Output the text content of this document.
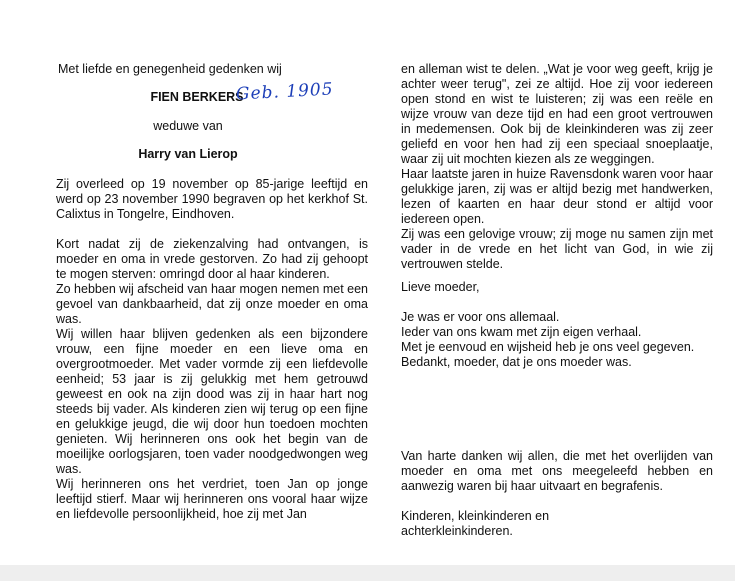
Met liefde en genegenheid gedenken wij

FIEN BERKERS
Geb. 1905

weduwe van

Harry van Lierop

Zij overleed op 19 november op 85-jarige leeftijd en werd op 23 november 1990 begraven op het kerkhof St. Calixtus in Tongelre, Eindhoven.

Kort nadat zij de ziekenzalving had ontvangen, is moeder en oma in vrede gestorven. Zo had zij gehoopt te mogen sterven: omringd door al haar kinderen.

Zo hebben wij afscheid van haar mogen nemen met een gevoel van dankbaarheid, dat zij onze moeder en oma was.

Wij willen haar blijven gedenken als een bijzondere vrouw, een fijne moeder en een lieve oma en overgrootmoeder. Met vader vormde zij een liefdevolle eenheid; 53 jaar is zij gelukkig met hem getrouwd geweest en ook na zijn dood was zij in haar hart nog steeds bij vader. Als kinderen zien wij terug op een fijne en gelukkige jeugd, die wij door hun toedoen mochten genieten. Wij herinneren ons ook het begin van de moeilijke oorlogsjaren, toen vader noodgedwongen weg was.

Wij herinneren ons het verdriet, toen Jan op jonge leeftijd stierf. Maar wij herinneren ons vooral haar wijze en liefdevolle persoonlijkheid, hoe zij met Jan

en alleman wist te delen. „Wat je voor weg geeft, krijg je achter weer terug", zei ze altijd. Hoe zij voor iedereen open stond en wist te luisteren; zij was een reële en wijze vrouw van deze tijd en had een groot vertrouwen in medemensen. Ook bij de kleinkinderen was zij zeer geliefd en voor hen had zij een speciaal snoeplaatje, waar zij uit mochten kiezen als ze weggingen.

Haar laatste jaren in huize Ravensdonk waren voor haar gelukkige jaren, zij was er altijd bezig met handwerken, lezen of kaarten en haar deur stond er altijd voor iedereen open.

Zij was een gelovige vrouw; zij moge nu samen zijn met vader in de vrede en het licht van God, in wie zij vertrouwen stelde.

Lieve moeder,

Je was er voor ons allemaal.

Ieder van ons kwam met zijn eigen verhaal.

Met je eenvoud en wijsheid heb je ons veel gegeven.

Bedankt, moeder, dat je ons moeder was.

Van harte danken wij allen, die met het overlijden van moeder en oma met ons meegeleefd hebben en aanwezig waren bij haar uitvaart en begrafenis.

Kinderen, kleinkinderen en

achterkleinkinderen.
